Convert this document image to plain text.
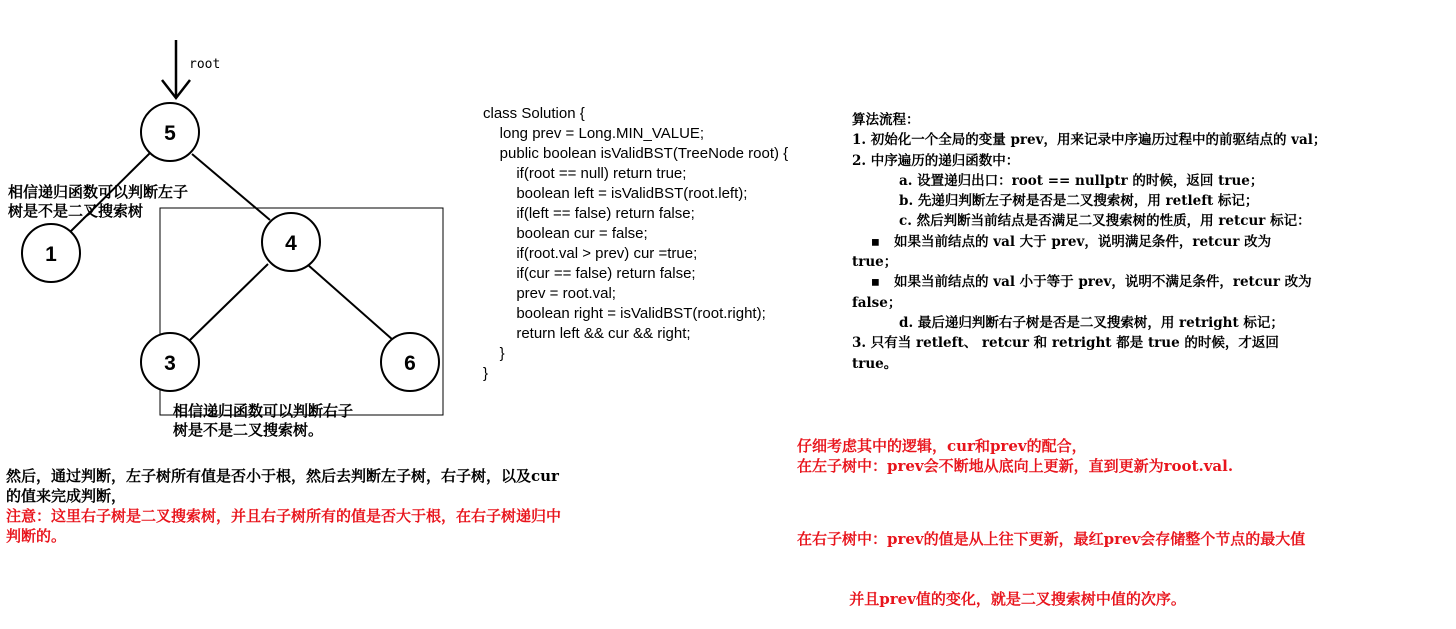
root
5
1	4
3	6
相信递归函数可以判断左子
树是不是二叉搜索树
相信递归函数可以判断右子
树是不是二叉搜索树。
然后，通过判断，左子树所有值是否小于根，然后去判断左子树，右子树，以及cur
的值来完成判断，
注意：这里右子树是二叉搜索树，并且右子树所有的值是否大于根，在右子树递归中
判断的。
class Solution {
long prev = Long.MIN_VALUE;
public boolean isValidBST(TreeNode root) {
if(root == null) return true;
boolean left = isValidBST(root.left);
if(left == false) return false;
boolean cur = false;
if(root.val > prev) cur =true;
if(cur == false) return false;
prev = root.val;
boolean right = isValidBST(root.right);
return left && cur && right;
}
}
算法流程：
1. 初始化一个全局的变量 prev，用来记录中序遍历过程中的前驱结点的 val；
2. 中序遍历的递归函数中：
a. 设置递归出口：root == nullptr 的时候，返回 true；
b. 先递归判断左子树是否是二叉搜索树，用 retleft 标记；
c. 然后判断当前结点是否满足二叉搜索树的性质，用 retcur 标记：
▪   如果当前结点的 val 大于 prev，说明满足条件，retcur 改为
true；
▪   如果当前结点的 val 小于等于 prev，说明不满足条件，retcur 改为
false；
d. 最后递归判断右子树是否是二叉搜索树，用 retright 标记；
3. 只有当 retleft、 retcur 和 retright 都是 true 的时候，才返回
true。
仔细考虑其中的逻辑，cur和prev的配合，
在左子树中：prev会不断地从底向上更新，直到更新为root.val.

在右子树中：prev的值是从上往下更新，最红prev会存储整个节点的最大值

并且prev值的变化，就是二叉搜索树中值的次序。
